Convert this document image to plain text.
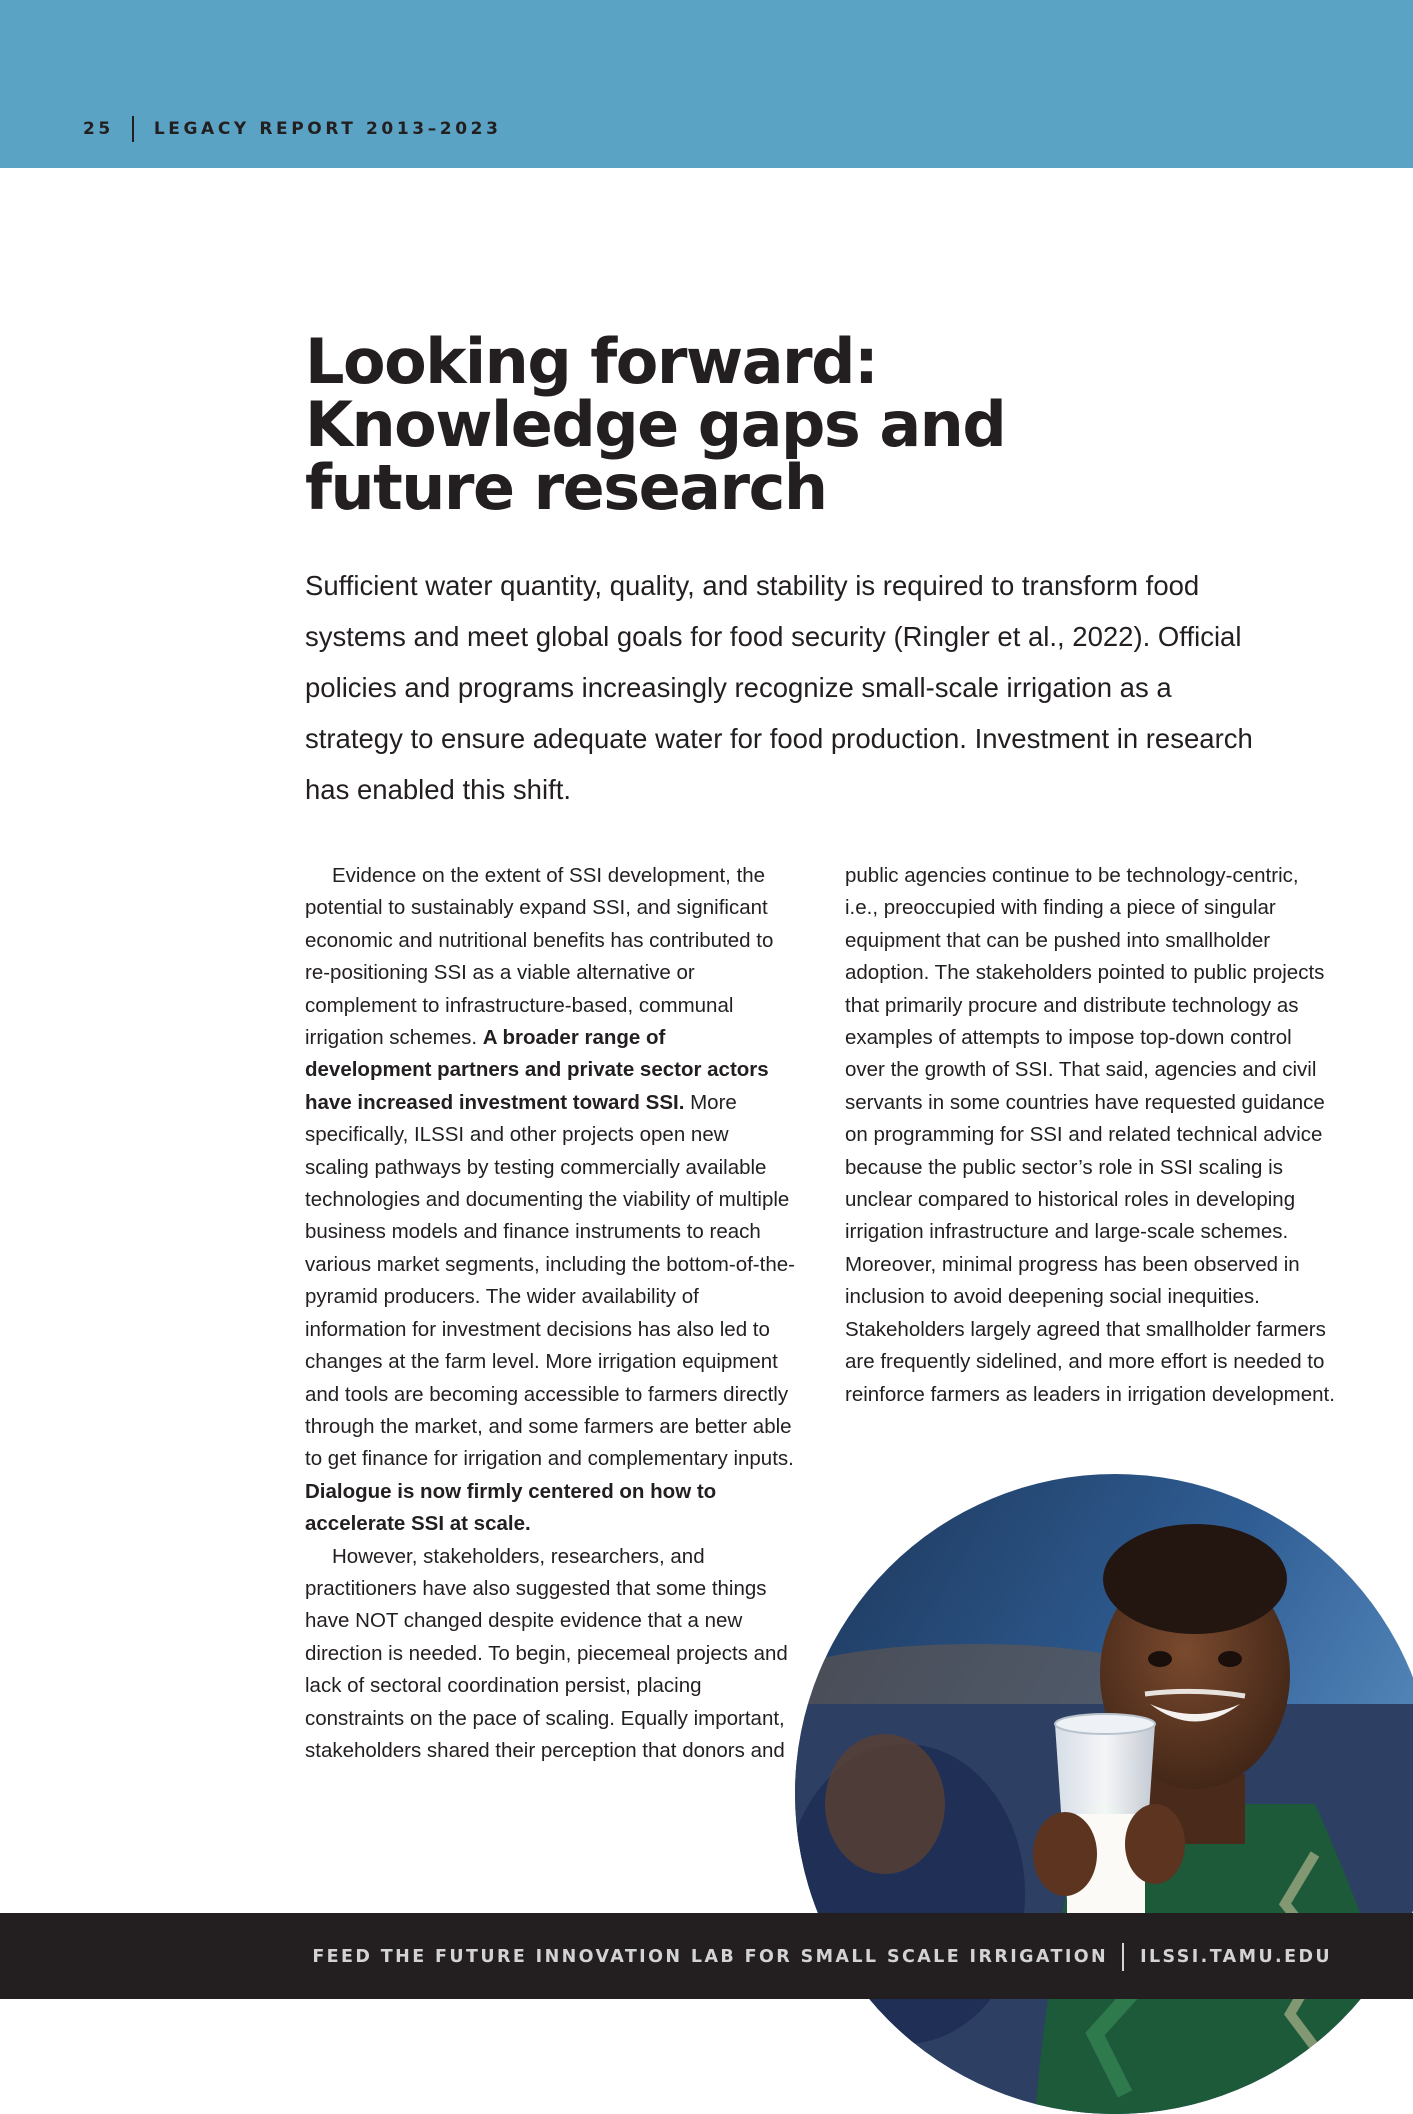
25 LEGACY REPORT 2013–2023
Looking forward:
Knowledge gaps and
future research

Sufficient water quantity, quality, and stability is required to transform food systems and meet global goals for food security (Ringler et al., 2022). Official policies and programs increasingly recognize small-scale irrigation as a strategy to ensure adequate water for food production. Investment in research has enabled this shift.

Evidence on the extent of SSI development, the potential to sustainably expand SSI, and significant economic and nutritional benefits has contributed to re-positioning SSI as a viable alternative or complement to infrastructure-based, communal irrigation schemes. A broader range of development partners and private sector actors have increased investment toward SSI. More specifically, ILSSI and other projects open new scaling pathways by testing commercially available technologies and documenting the viability of multiple business models and finance instruments to reach various market segments, including the bottom-of-the-pyramid producers. The wider availability of information for investment decisions has also led to changes at the farm level. More irrigation equipment and tools are becoming accessible to farmers directly through the market, and some farmers are better able to get finance for irrigation and complementary inputs. Dialogue is now firmly centered on how to accelerate SSI at scale.

However, stakeholders, researchers, and practitioners have also suggested that some things have NOT changed despite evidence that a new direction is needed. To begin, piecemeal projects and lack of sectoral coordination persist, placing constraints on the pace of scaling. Equally important, stakeholders shared their perception that donors and

public agencies continue to be technology-centric, i.e., preoccupied with finding a piece of singular equipment that can be pushed into smallholder adoption. The stakeholders pointed to public projects that primarily procure and distribute technology as examples of attempts to impose top-down control over the growth of SSI. That said, agencies and civil servants in some countries have requested guidance on programming for SSI and related technical advice because the public sector’s role in SSI scaling is unclear compared to historical roles in developing irrigation infrastructure and large-scale schemes. Moreover, minimal progress has been observed in inclusion to avoid deepening social inequities. Stakeholders largely agreed that smallholder farmers are frequently sidelined, and more effort is needed to reinforce farmers as leaders in irrigation development.

FEED THE FUTURE INNOVATION LAB FOR SMALL SCALE IRRIGATION ILSSI.TAMU.EDU
